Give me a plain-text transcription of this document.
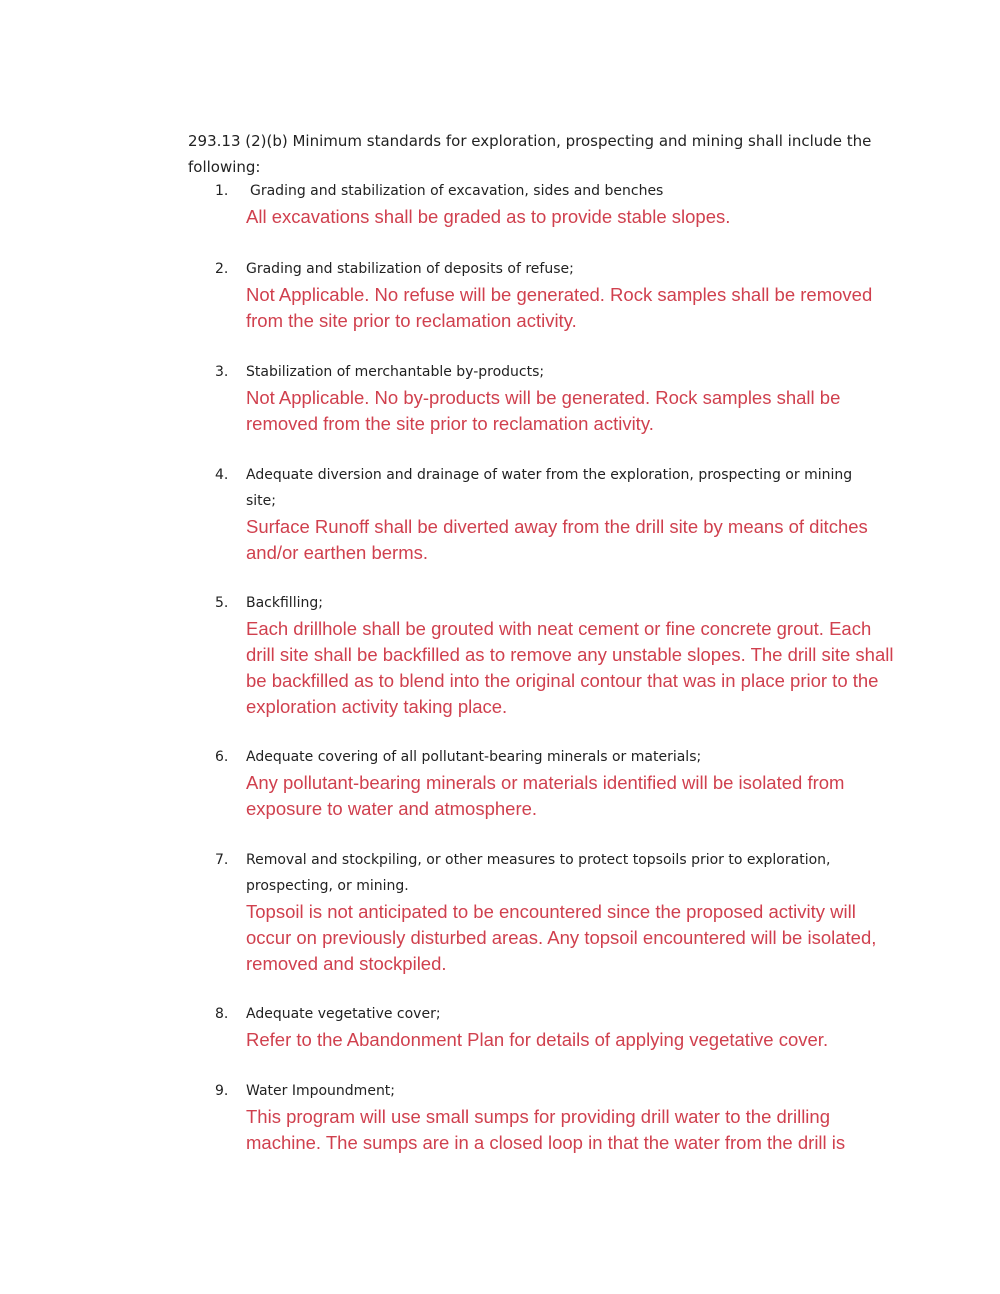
293.13 (2)(b) Minimum standards for exploration, prospecting and mining shall include the following:
1. Grading and stabilization of excavation, sides and benches
All excavations shall be graded as to provide stable slopes.
2. Grading and stabilization of deposits of refuse;
Not Applicable. No refuse will be generated. Rock samples shall be removed from the site prior to reclamation activity.
3. Stabilization of merchantable by-products;
Not Applicable. No by-products will be generated. Rock samples shall be removed from the site prior to reclamation activity.
4. Adequate diversion and drainage of water from the exploration, prospecting or mining site;
Surface Runoff shall be diverted away from the drill site by means of ditches and/or earthen berms.
5. Backfilling;
Each drillhole shall be grouted with neat cement or fine concrete grout. Each drill site shall be backfilled as to remove any unstable slopes. The drill site shall be backfilled as to blend into the original contour that was in place prior to the exploration activity taking place.
6. Adequate covering of all pollutant-bearing minerals or materials;
Any pollutant-bearing minerals or materials identified will be isolated from exposure to water and atmosphere.
7. Removal and stockpiling, or other measures to protect topsoils prior to exploration, prospecting, or mining.
Topsoil is not anticipated to be encountered since the proposed activity will occur on previously disturbed areas. Any topsoil encountered will be isolated, removed and stockpiled.
8. Adequate vegetative cover;
Refer to the Abandonment Plan for details of applying vegetative cover.
9. Water Impoundment;
This program will use small sumps for providing drill water to the drilling machine. The sumps are in a closed loop in that the water from the drill is
